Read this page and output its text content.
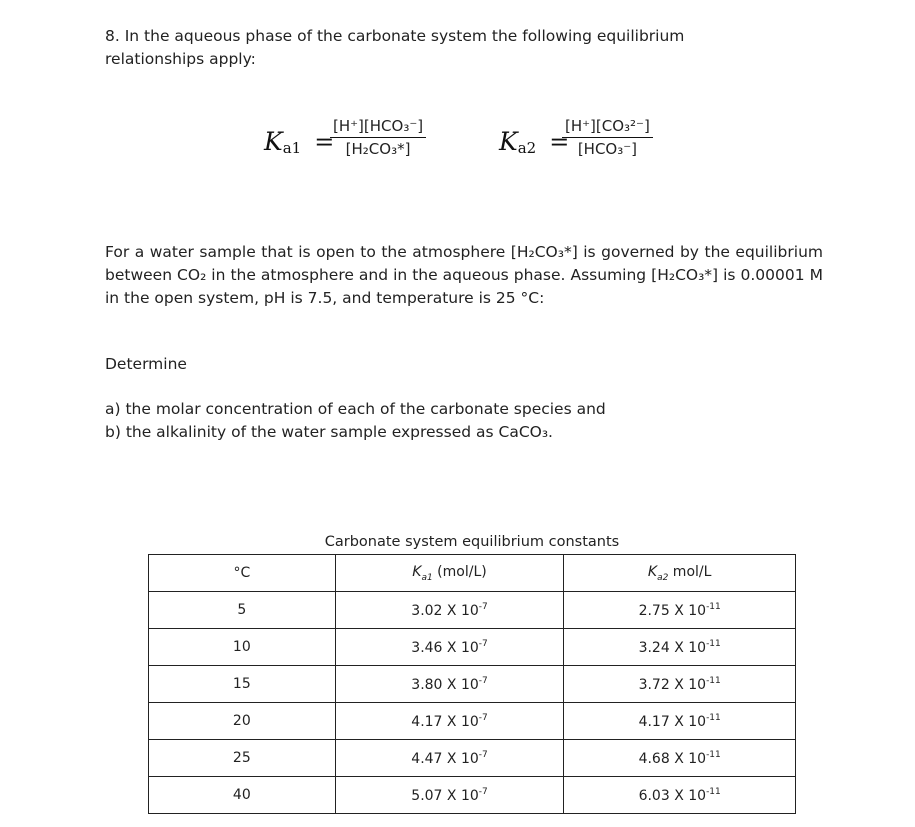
8. In the aqueous phase of the carbonate system the following equilibrium relationships apply:

Ka1 =
[H⁺][HCO₃⁻]
[H₂CO₃*]	Ka2 =
[H⁺][CO₃²⁻]
[HCO₃⁻]

For a water sample that is open to the atmosphere [H₂CO₃*] is governed by the equilibrium between CO₂ in the atmosphere and in the aqueous phase. Assuming [H₂CO₃*] is 0.00001 M in the open system, pH is 7.5, and temperature is 25 °C:

Determine

a) the molar concentration of each of the carbonate species and

b) the alkalinity of the water sample expressed as CaCO₃.

Carbonate system equilibrium constants
°C	$K_{a1}$ (mol/L)	$K_{a2}$ mol/L
5	3.02 X $10^{-7}$	2.75 X $10^{-11}$
10	3.46 X $10^{-7}$	3.24 X $10^{-11}$
15	3.80 X $10^{-7}$	3.72 X $10^{-11}$
20	4.17 X $10^{-7}$	4.17 X $10^{-11}$
25	4.47 X $10^{-7}$	4.68 X $10^{-11}$
40	5.07 X $10^{-7}$	6.03 X $10^{-11}$
